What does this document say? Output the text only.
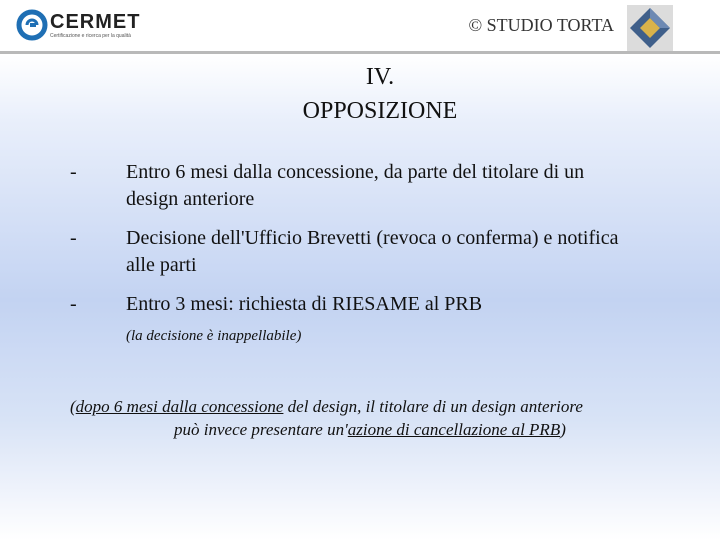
CERMET
Certificazione e ricerca per la qualità
© STUDIO TORTA
IV.
OPPOSIZIONE
- Entro 6 mesi dalla concessione, da parte del titolare di un
design anteriore
- Decisione dell'Ufficio Brevetti (revoca o conferma) e notifica
alle parti
- Entro 3 mesi: richiesta di RIESAME al PRB
(la decisione è inappellabile)
(dopo 6 mesi dalla concessione del design, il titolare di un design anteriore
può invece presentare un'azione di cancellazione al PRB)
